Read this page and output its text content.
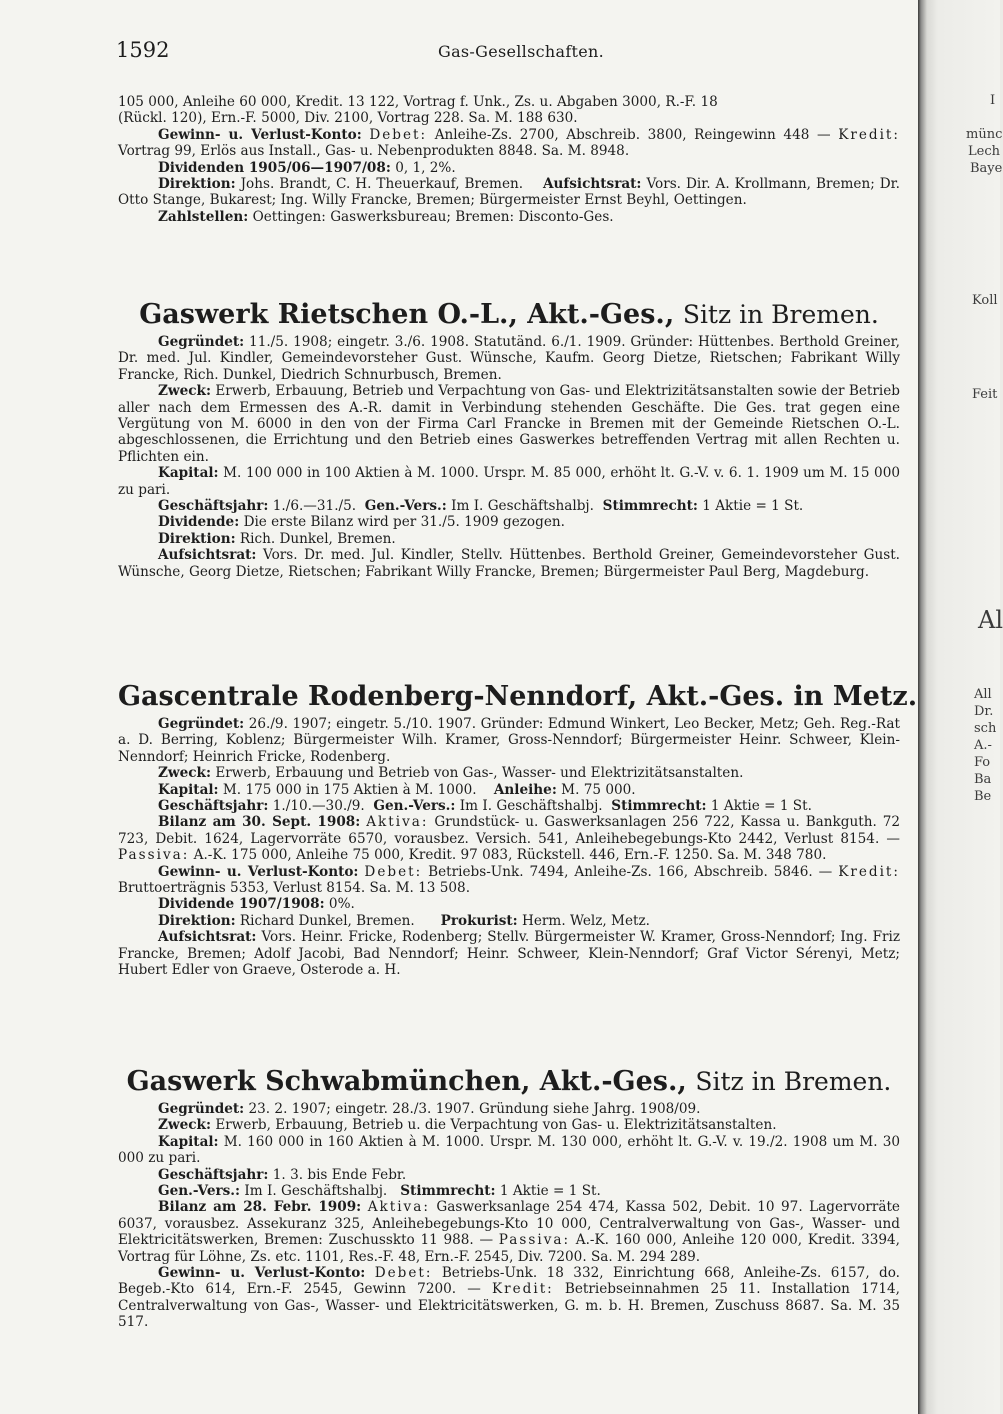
1592	Gas-Gesellschaften.

105 000, Anleihe 60 000, Kredit. 13 122, Vortrag f. Unk., Zs. u. Abgaben 3000, R.-F. 18

(Rückl. 120), Ern.-F. 5000, Div. 2100, Vortrag 228. Sa. M. 188 630.

Gewinn- u. Verlust-Konto: Debet: Anleihe-Zs. 2700, Abschreib. 3800, Reingewinn 448 — Kredit: Vortrag 99, Erlös aus Install., Gas- u. Nebenprodukten 8848. Sa. M. 8948.

Dividenden 1905/06—1907/08: 0, 1, 2%.

Direktion: Johs. Brandt, C. H. Theuerkauf, Bremen. Aufsichtsrat: Vors. Dir. A. Krollmann, Bremen; Dr. Otto Stange, Bukarest; Ing. Willy Francke, Bremen; Bürgermeister Ernst Beyhl, Oettingen.

Zahlstellen: Oettingen: Gaswerksbureau; Bremen: Disconto-Ges.

Gaswerk Rietschen O.-L., Akt.-Ges., Sitz in Bremen.

Gegründet: 11./5. 1908; eingetr. 3./6. 1908. Statutänd. 6./1. 1909. Gründer: Hüttenbes. Berthold Greiner, Dr. med. Jul. Kindler, Gemeindevorsteher Gust. Wünsche, Kaufm. Georg Dietze, Rietschen; Fabrikant Willy Francke, Rich. Dunkel, Diedrich Schnurbusch, Bremen.

Zweck: Erwerb, Erbauung, Betrieb und Verpachtung von Gas- und Elektrizitätsanstalten sowie der Betrieb aller nach dem Ermessen des A.-R. damit in Verbindung stehenden Geschäfte. Die Ges. trat gegen eine Vergütung von M. 6000 in den von der Firma Carl Francke in Bremen mit der Gemeinde Rietschen O.-L. abgeschlossenen, die Errichtung und den Betrieb eines Gaswerkes betreffenden Vertrag mit allen Rechten u. Pflichten ein.

Kapital: M. 100 000 in 100 Aktien à M. 1000. Urspr. M. 85 000, erhöht lt. G.-V. v. 6. 1. 1909 um M. 15 000 zu pari.

Geschäftsjahr: 1./6.—31./5. Gen.-Vers.: Im I. Geschäftshalbj. Stimmrecht: 1 Aktie = 1 St.

Dividende: Die erste Bilanz wird per 31./5. 1909 gezogen.

Direktion: Rich. Dunkel, Bremen.

Aufsichtsrat: Vors. Dr. med. Jul. Kindler, Stellv. Hüttenbes. Berthold Greiner, Gemeindevorsteher Gust. Wünsche, Georg Dietze, Rietschen; Fabrikant Willy Francke, Bremen; Bürgermeister Paul Berg, Magdeburg.

Gascentrale Rodenberg-Nenndorf, Akt.-Ges. in Metz.

Gegründet: 26./9. 1907; eingetr. 5./10. 1907. Gründer: Edmund Winkert, Leo Becker, Metz; Geh. Reg.-Rat a. D. Berring, Koblenz; Bürgermeister Wilh. Kramer, Gross-Nenndorf; Bürgermeister Heinr. Schweer, Klein-Nenndorf; Heinrich Fricke, Rodenberg.

Zweck: Erwerb, Erbauung und Betrieb von Gas-, Wasser- und Elektrizitätsanstalten.

Kapital: M. 175 000 in 175 Aktien à M. 1000. Anleihe: M. 75 000.

Geschäftsjahr: 1./10.—30./9. Gen.-Vers.: Im I. Geschäftshalbj. Stimmrecht: 1 Aktie = 1 St.

Bilanz am 30. Sept. 1908: Aktiva: Grundstück- u. Gaswerksanlagen 256 722, Kassa u. Bankguth. 72 723, Debit. 1624, Lagervorräte 6570, vorausbez. Versich. 541, Anleihebegebungs-Kto 2442, Verlust 8154. — Passiva: A.-K. 175 000, Anleihe 75 000, Kredit. 97 083, Rückstell. 446, Ern.-F. 1250. Sa. M. 348 780.

Gewinn- u. Verlust-Konto: Debet: Betriebs-Unk. 7494, Anleihe-Zs. 166, Abschreib. 5846. — Kredit: Bruttoerträgnis 5353, Verlust 8154. Sa. M. 13 508.

Dividende 1907/1908: 0%.

Direktion: Richard Dunkel, Bremen. Prokurist: Herm. Welz, Metz.

Aufsichtsrat: Vors. Heinr. Fricke, Rodenberg; Stellv. Bürgermeister W. Kramer, Gross-Nenndorf; Ing. Friz Francke, Bremen; Adolf Jacobi, Bad Nenndorf; Heinr. Schweer, Klein-Nenndorf; Graf Victor Sérenyi, Metz; Hubert Edler von Graeve, Osterode a. H.

Gaswerk Schwabmünchen, Akt.-Ges., Sitz in Bremen.

Gegründet: 23. 2. 1907; eingetr. 28./3. 1907. Gründung siehe Jahrg. 1908/09.

Zweck: Erwerb, Erbauung, Betrieb u. die Verpachtung von Gas- u. Elektrizitätsanstalten.

Kapital: M. 160 000 in 160 Aktien à M. 1000. Urspr. M. 130 000, erhöht lt. G.-V. v. 19./2. 1908 um M. 30 000 zu pari.

Geschäftsjahr: 1. 3. bis Ende Febr.

Gen.-Vers.: Im I. Geschäftshalbj. Stimmrecht: 1 Aktie = 1 St.

Bilanz am 28. Febr. 1909: Aktiva: Gaswerksanlage 254 474, Kassa 502, Debit. 10 97. Lagervorräte 6037, vorausbez. Assekuranz 325, Anleihebegebungs-Kto 10 000, Centralverwaltung von Gas-, Wasser- und Elektricitätswerken, Bremen: Zuschusskto 11 988. — Passiva: A.-K. 160 000, Anleihe 120 000, Kredit. 3394, Vortrag für Löhne, Zs. etc. 1101, Res.-F. 48, Ern.-F. 2545, Div. 7200. Sa. M. 294 289.

Gewinn- u. Verlust-Konto: Debet: Betriebs-Unk. 18 332, Einrichtung 668, Anleihe-Zs. 6157, do. Begeb.-Kto 614, Ern.-F. 2545, Gewinn 7200. — Kredit: Betriebseinnahmen 25 11. Installation 1714, Centralverwaltung von Gas-, Wasser- und Elektricitätswerken, G. m. b. H. Bremen, Zuschuss 8687. Sa. M. 35 517.

I
münc
Lech
Baye
Koll
Feit
Al
All
Dr.
sch
A.-
Fo
Ba
Be
